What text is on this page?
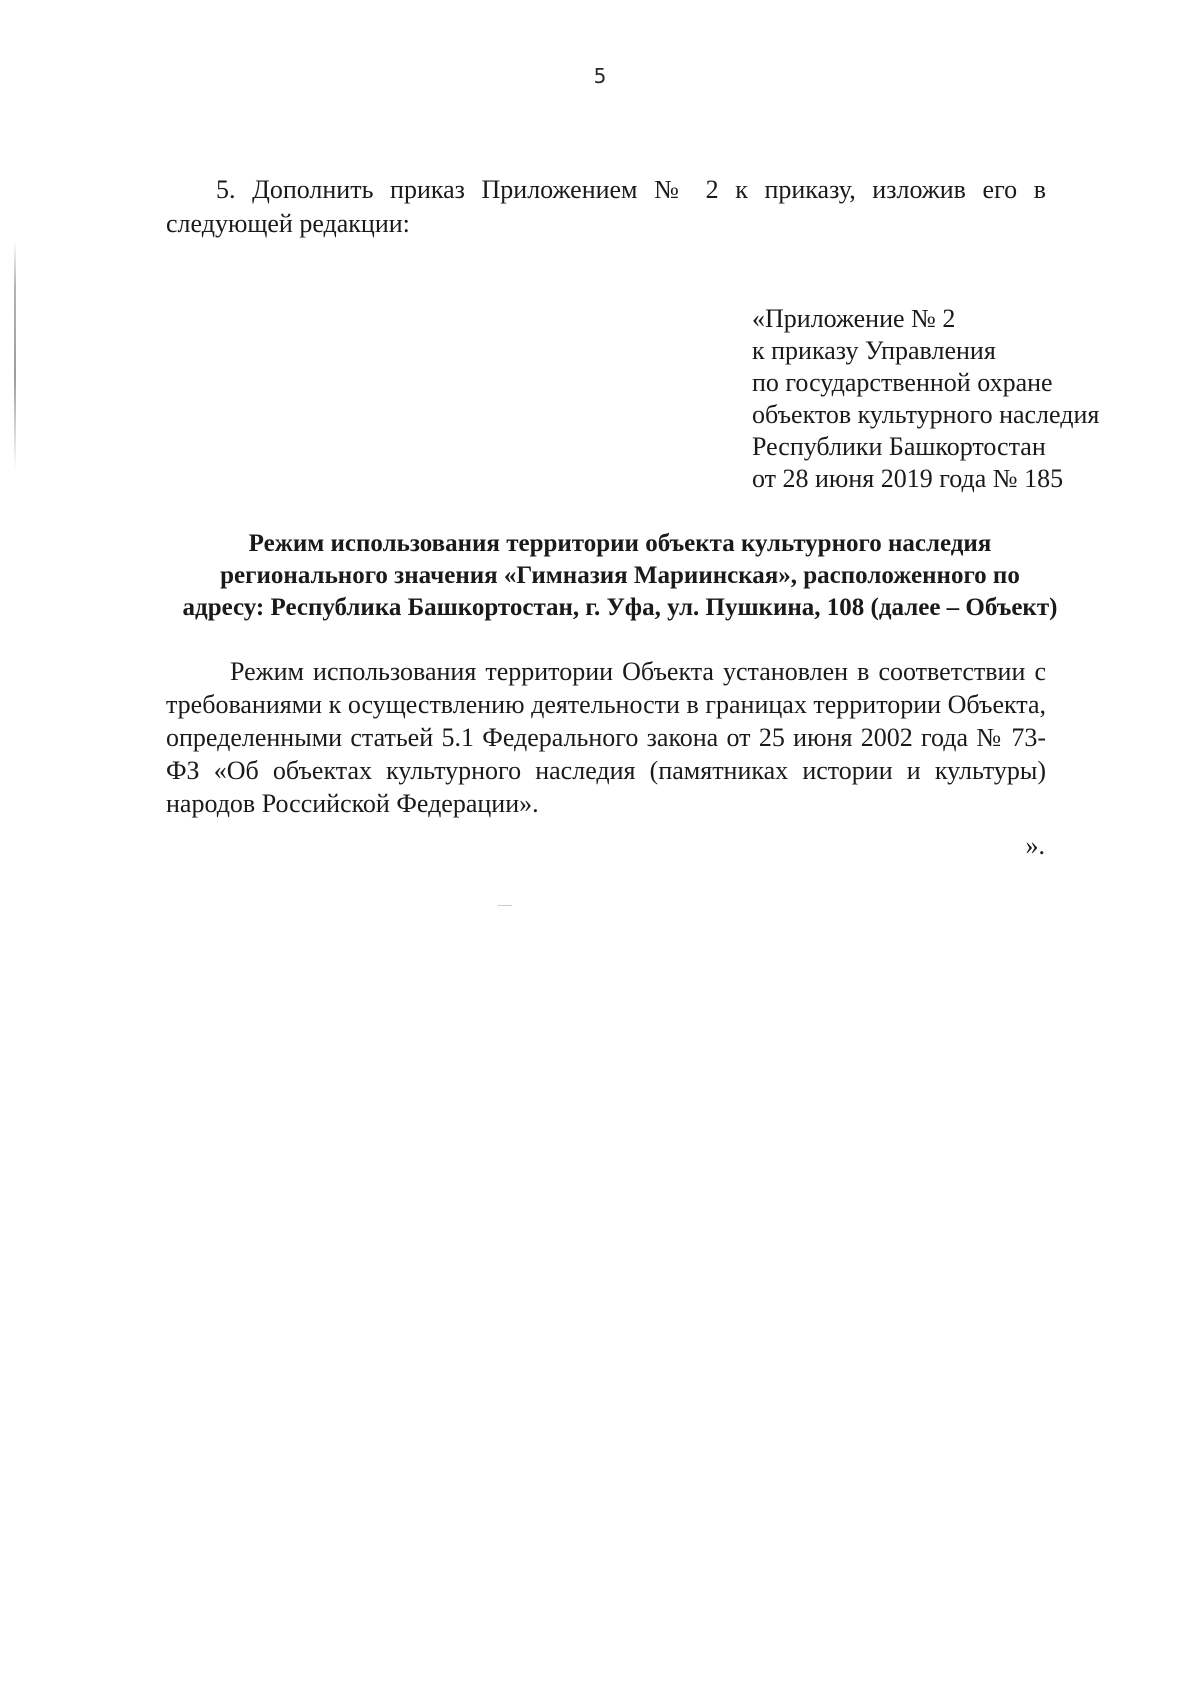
5

5. Дополнить приказ Приложением № 2 к приказу, изложив его в следующей редакции:

«Приложение № 2
к приказу Управления
по государственной охране
объектов культурного наследия
Республики Башкортостан
от 28 июня 2019 года № 185
Режим использования территории объекта культурного наследия
регионального значения «Гимназия Мариинская», расположенного по
адресу: Республика Башкортостан, г. Уфа, ул. Пушкина, 108 (далее – Объект)

Режим использования территории Объекта установлен в соответствии с требованиями к осуществлению деятельности в границах территории Объекта, определенными статьей 5.1 Федерального закона от 25 июня 2002 года № 73-ФЗ «Об объектах культурного наследия (памятниках истории и культуры) народов Российской Федерации».

».
